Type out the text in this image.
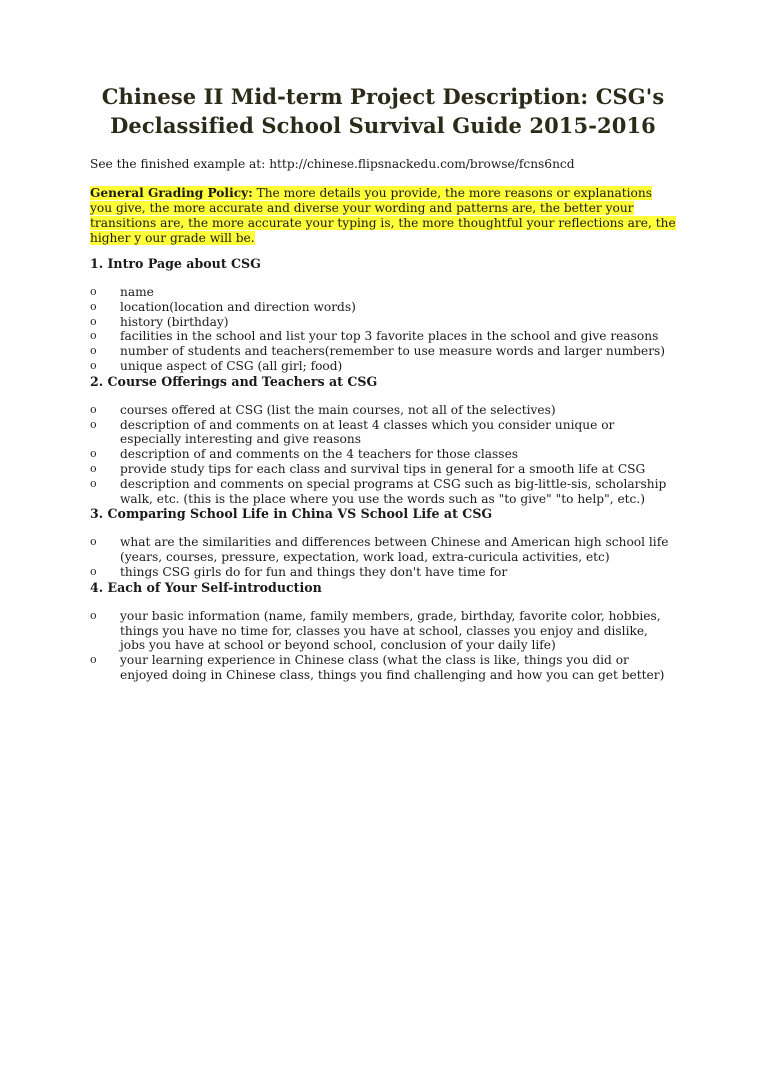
Chinese II Mid-term Project Description: CSG's
Declassified School Survival Guide 2015-2016
See the finished example at: http://chinese.flipsnackedu.com/browse/fcns6ncd
General Grading Policy: The more details you provide, the more reasons or explanations you give, the more accurate and diverse your wording and patterns are, the better your transitions are, the more accurate your typing is, the more thoughtful your reflections are, the higher y our grade will be.
1. Intro Page about CSG
o name
o location(location and direction words)
o history (birthday)
o facilities in the school and list your top 3 favorite places in the school and give reasons
o number of students and teachers(remember to use measure words and larger numbers)
o unique aspect of CSG (all girl; food)
2. Course Offerings and Teachers at CSG
o courses offered at CSG (list the main courses, not all of the selectives)
o description of and comments on at least 4 classes which you consider unique or especially interesting and give reasons
o description of and comments on the 4 teachers for those classes
o provide study tips for each class and survival tips in general for a smooth life at CSG
o description and comments on special programs at CSG such as big-little-sis, scholarship walk, etc. (this is the place where you use the words such as "to give" "to help", etc.)
3. Comparing School Life in China VS School Life at CSG
o what are the similarities and differences between Chinese and American high school life (years, courses, pressure, expectation, work load, extra-curicula activities, etc)
o things CSG girls do for fun and things they don't have time for
4. Each of Your Self-introduction
o your basic information (name, family members, grade, birthday, favorite color, hobbies, things you have no time for, classes you have at school, classes you enjoy and dislike, jobs you have at school or beyond school, conclusion of your daily life)
o your learning experience in Chinese class (what the class is like, things you did or enjoyed doing in Chinese class, things you find challenging and how you can get better)
